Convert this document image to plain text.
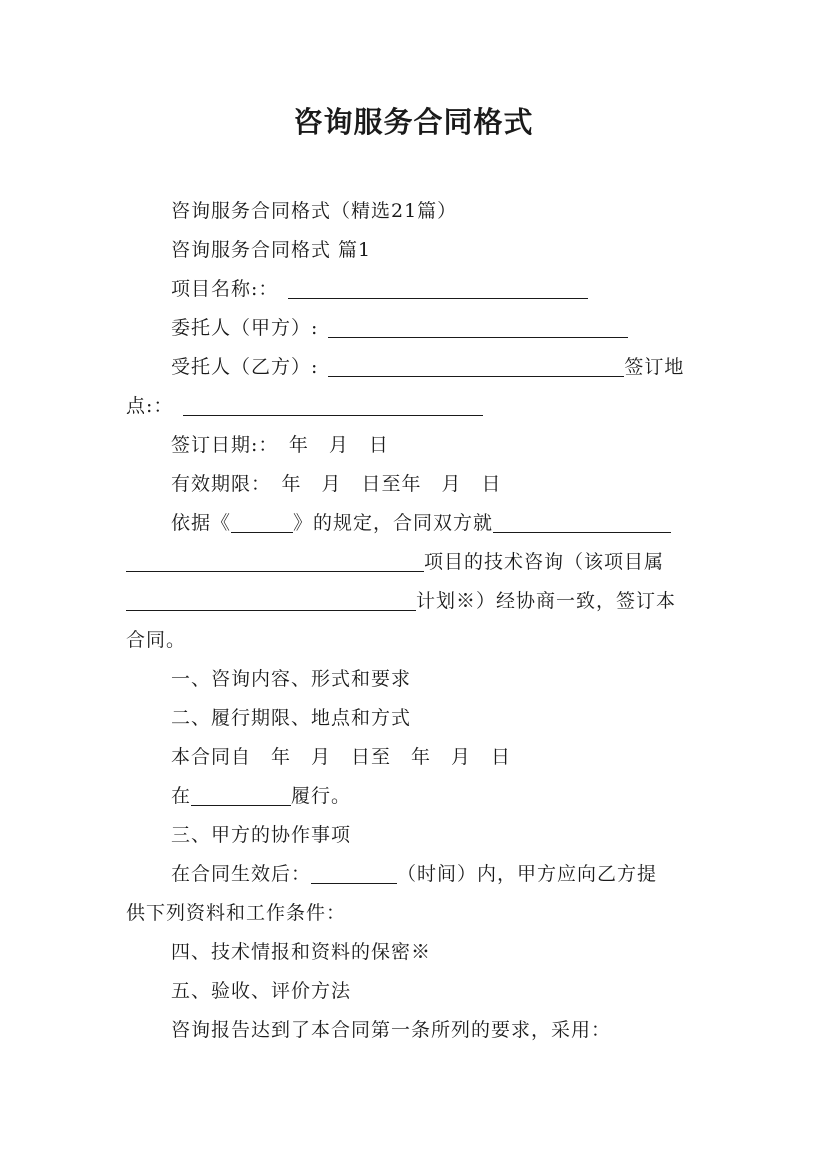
咨询服务合同格式

咨询服务合同格式（精选21篇）

咨询服务合同格式 篇1

项目名称:：

委托人（甲方）:

受托人（乙方）:	签订地

点:：

签订日期:：　年　月　日

有效期限：　年　月　日至年　月　日

依据《	》的规定，合同双方就

项目的技术咨询（该项目属

计划※）经协商一致，签订本

合同。

一、咨询内容、形式和要求

二、履行期限、地点和方式

本合同自　年　月　日至　年　月　日

在	履行。

三、甲方的协作事项

在合同生效后：	（时间）内，甲方应向乙方提

供下列资料和工作条件：

四、技术情报和资料的保密※

五、验收、评价方法

咨询报告达到了本合同第一条所列的要求，采用：
